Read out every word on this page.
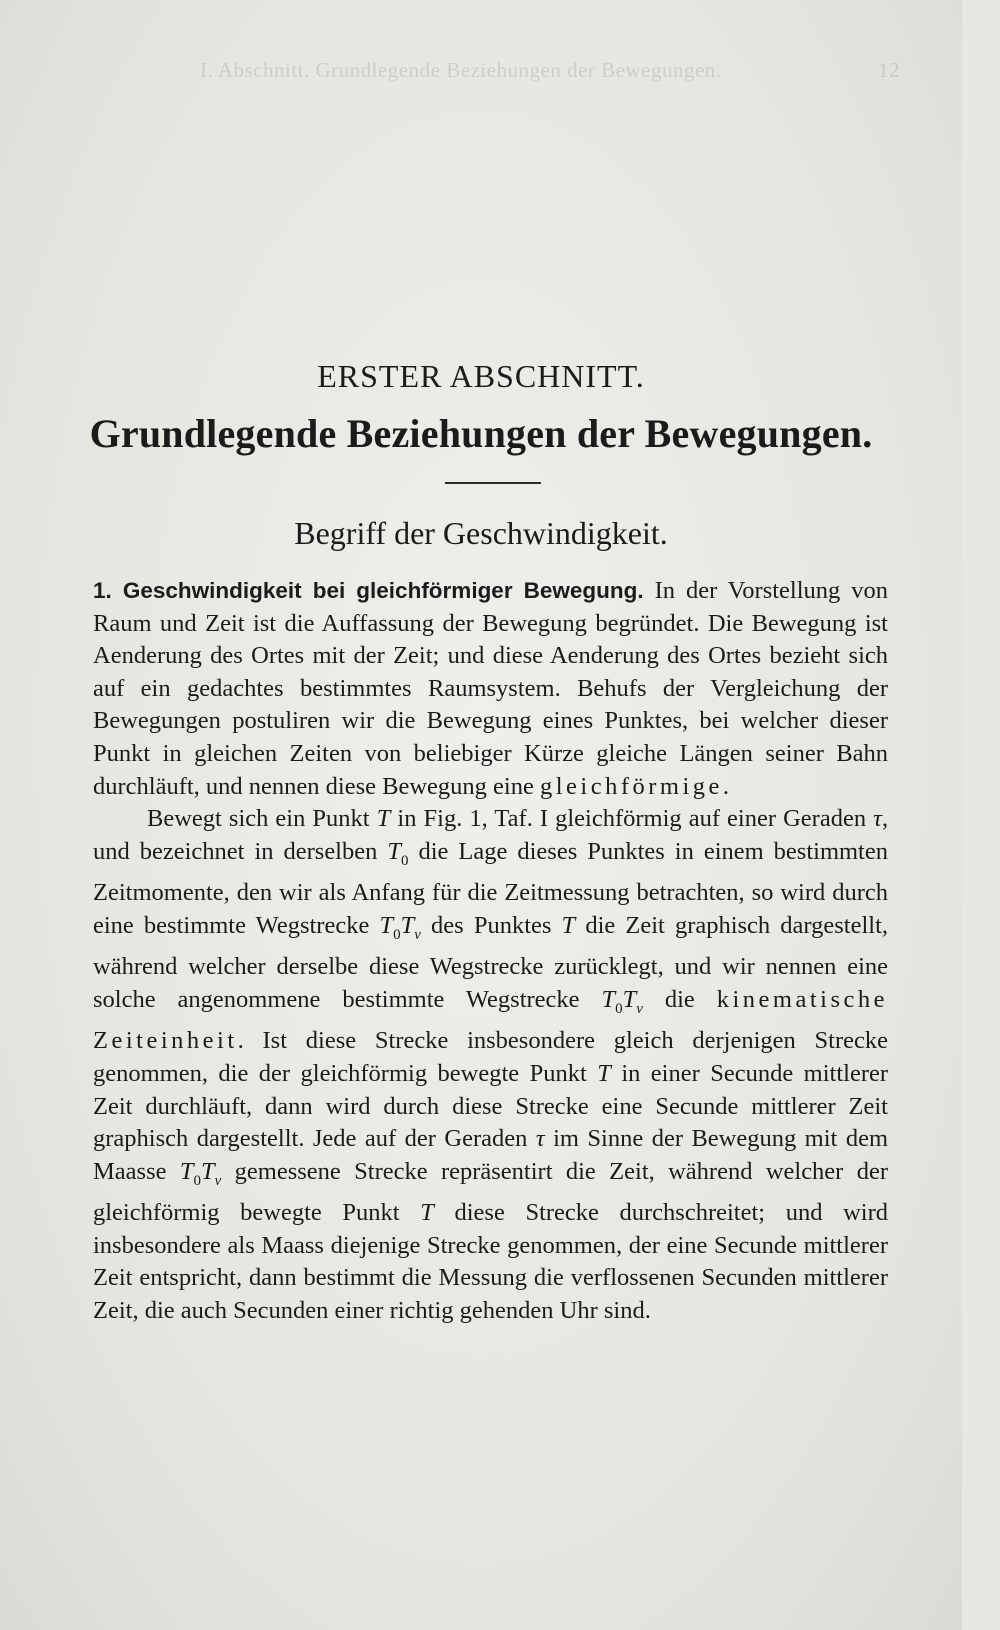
I. Abschnitt. Grundlegende Beziehungen der Bewegungen.	12
ERSTER ABSCHNITT.
Grundlegende Beziehungen der Bewegungen.
Begriff der Geschwindigkeit.

1. Geschwindigkeit bei gleichförmiger Bewegung. In der Vorstellung von Raum und Zeit ist die Auffassung der Bewegung begründet. Die Bewegung ist Aenderung des Ortes mit der Zeit; und diese Aenderung des Ortes bezieht sich auf ein gedachtes bestimmtes Raumsystem. Behufs der Vergleichung der Bewegungen postuliren wir die Bewegung eines Punktes, bei welcher dieser Punkt in gleichen Zeiten von beliebiger Kürze gleiche Längen seiner Bahn durchläuft, und nennen diese Bewegung eine gleichförmige.

Bewegt sich ein Punkt T in Fig. 1, Taf. I gleichförmig auf einer Geraden τ, und bezeichnet in derselben $T_0$ die Lage dieses Punktes in einem bestimmten Zeitmomente, den wir als Anfang für die Zeitmessung betrachten, so wird durch eine bestimmte Wegstrecke $T_0T_v$ des Punktes T die Zeit graphisch dargestellt, während welcher derselbe diese Wegstrecke zurücklegt, und wir nennen eine solche angenommene bestimmte Wegstrecke $T_0T_v$ die kinematische Zeiteinheit. Ist diese Strecke insbesondere gleich derjenigen Strecke genommen, die der gleichförmig bewegte Punkt T in einer Secunde mittlerer Zeit durchläuft, dann wird durch diese Strecke eine Secunde mittlerer Zeit graphisch dargestellt. Jede auf der Geraden τ im Sinne der Bewegung mit dem Maasse $T_0T_v$ gemessene Strecke repräsentirt die Zeit, während welcher der gleichförmig bewegte Punkt T diese Strecke durchschreitet; und wird insbesondere als Maass diejenige Strecke genommen, der eine Secunde mittlerer Zeit entspricht, dann bestimmt die Messung die verflossenen Secunden mittlerer Zeit, die auch Secunden einer richtig gehenden Uhr sind.
